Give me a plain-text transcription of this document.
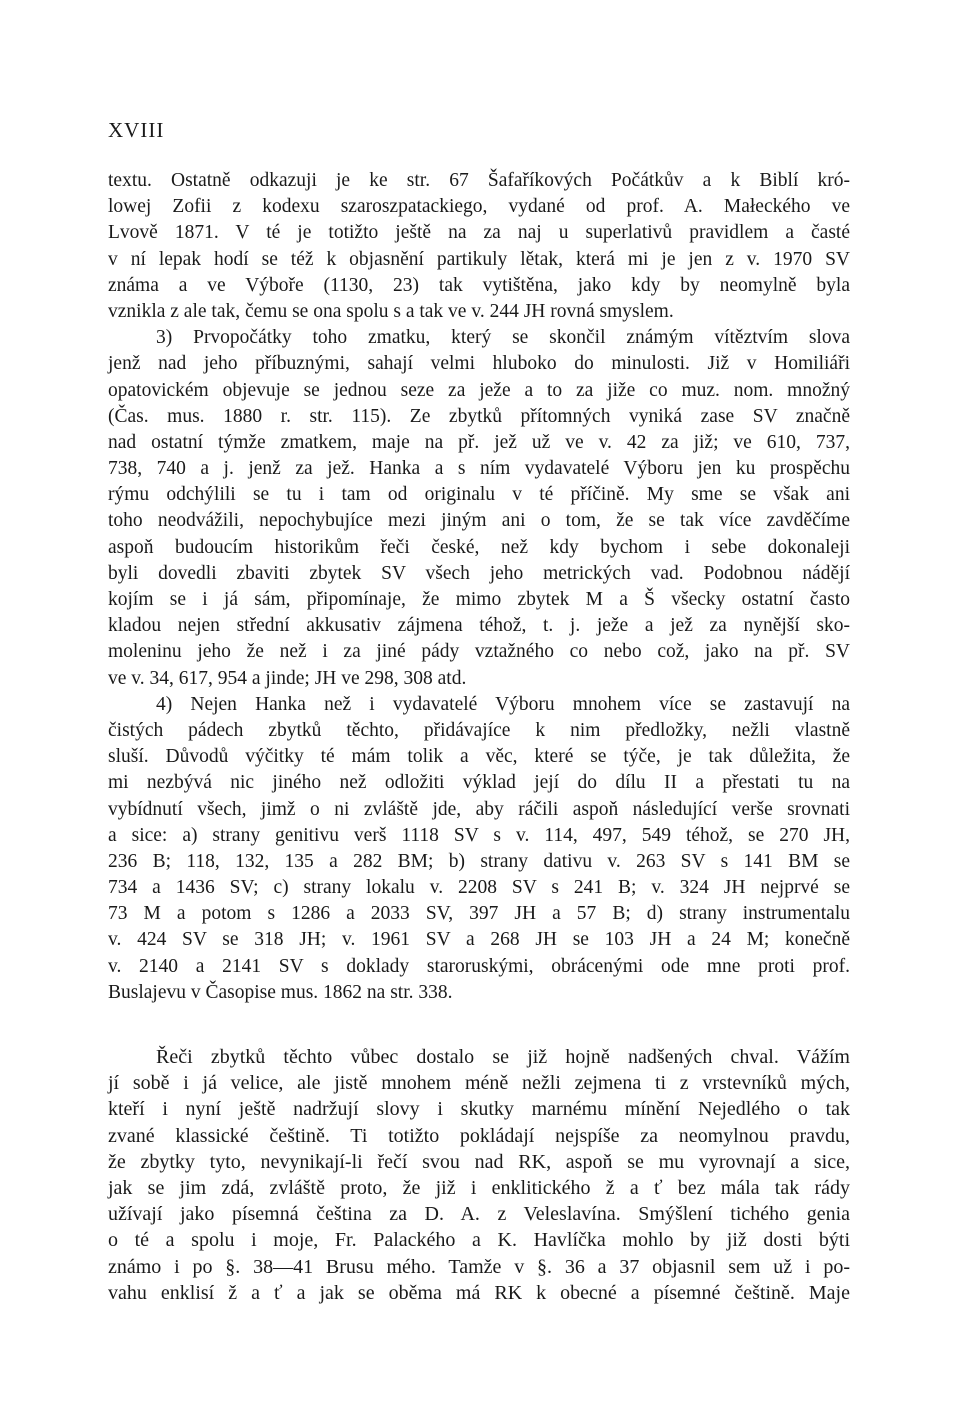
XVIII
textu. Ostatně odkazuji je ke str. 67 Šafaříkových Počátkův a k Biblí kró-
lowej Zofii z kodexu szaroszpatackiego, vydané od prof. A. Małeckého ve
Lvově 1871. V té je totižto ještě na za naj u superlativů pravidlem a časté
v ní lepak hodí se též k objasnění partikuly lětak, která mi je jen z v. 1970 SV
známa a ve Výboře (1130, 23) tak vytištěna, jako kdy by neomylně byla
vznikla z ale tak, čemu se ona spolu s a tak ve v. 244 JH rovná smyslem.
3) Prvopočátky toho zmatku, který se skončil známým vítěztvím slova
jenž nad jeho příbuznými, sahají velmi hluboko do minulosti. Již v Homiliáři
opatovickém objevuje se jednou seze za ježe a to za jiže co muz. nom. množný
(Čas. mus. 1880 r. str. 115). Ze zbytků přítomných vyniká zase SV značně
nad ostatní týmže zmatkem, maje na př. jež už ve v. 42 za již; ve 610, 737,
738, 740 a j. jenž za jež. Hanka a s ním vydavatelé Výboru jen ku prospěchu
rýmu odchýlili se tu i tam od originalu v té příčině. My sme se však ani
toho neodvážili, nepochybujíce mezi jiným ani o tom, že se tak více zavděčíme
aspoň budoucím historikům řeči české, než kdy bychom i sebe dokonaleji
byli dovedli zbaviti zbytek SV všech jeho metrických vad. Podobnou nádějí
kojím se i já sám, připomínaje, že mimo zbytek M a Š všecky ostatní často
kladou nejen střední akkusativ zájmena téhož, t. j. ježe a jež za nynější sko-
moleninu jeho že než i za jiné pády vztažného co nebo což, jako na př. SV
ve v. 34, 617, 954 a jinde; JH ve 298, 308 atd.
4) Nejen Hanka než i vydavatelé Výboru mnohem více se zastavují na
čistých pádech zbytků těchto, přidávajíce k nim předložky, nežli vlastně
sluší. Důvodů výčitky té mám tolik a věc, které se týče, je tak důležita, že
mi nezbývá nic jiného než odložiti výklad její do dílu II a přestati tu na
vybídnutí všech, jimž o ni zvláště jde, aby ráčili aspoň následující verše srovnati
a sice: a) strany genitivu verš 1118 SV s v. 114, 497, 549 téhož, se 270 JH,
236 B; 118, 132, 135 a 282 BM; b) strany dativu v. 263 SV s 141 BM se
734 a 1436 SV; c) strany lokalu v. 2208 SV s 241 B; v. 324 JH nejprvé se
73 M a potom s 1286 a 2033 SV, 397 JH a 57 B; d) strany instrumentalu
v. 424 SV se 318 JH; v. 1961 SV a 268 JH se 103 JH a 24 M; konečně
v. 2140 a 2141 SV s doklady staroruskými, obrácenými ode mne proti prof.
Buslajevu v Časopise mus. 1862 na str. 338.
Řeči zbytků těchto vůbec dostalo se již hojně nadšených chval. Vážím
jí sobě i já velice, ale jistě mnohem méně nežli zejmena ti z vrstevníků mých,
kteří i nyní ještě nadržují slovy i skutky marnému mínění Nejedlého o tak
zvané klassické češtině. Ti totižto pokládají nejspíše za neomylnou pravdu,
že zbytky tyto, nevynikají-li řečí svou nad RK, aspoň se mu vyrovnají a sice,
jak se jim zdá, zvláště proto, že již i enklitického ž a ť bez mála tak rády
užívají jako písemná čeština za D. A. z Veleslavína. Smýšlení tichého genia
o té a spolu i moje, Fr. Palackého a K. Havlíčka mohlo by již dosti býti
známo i po §. 38—41 Brusu mého. Tamže v §. 36 a 37 objasnil sem už i po-
vahu enklisí ž a ť a jak se oběma má RK k obecné a písemné češtině. Maje
